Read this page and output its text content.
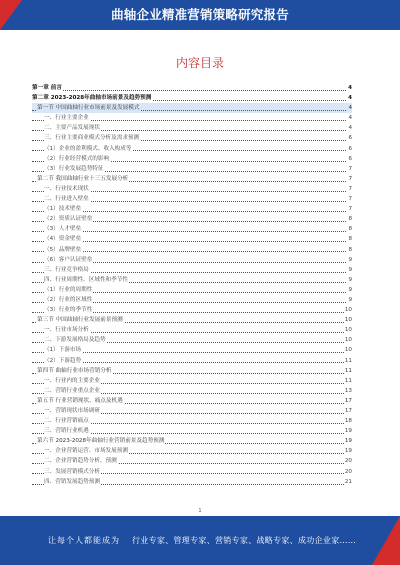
曲轴企业精准营销策略研究报告
内容目录
第一章 前言	4
第二章 2023-2028年曲轴市场前景及趋势预测	4
第一节 中国曲轴行业市场前景及发展模式	4
一、行业主要企业	4
二、主要产品发展现状	4
三、行业主要商业模式分析及需求预测	6
（1）企业的盈利模式、收入构成等	6
（2）行业经营模式的影响	6
（3）行业发展趋势特征	7
第二节 我国曲轴行业十三五发展分析	7
一、行业技术现状	7
二、行业进入壁垒	7
（1）技术壁垒	7
（2）资质认证壁垒	8
（3）人才壁垒	8
（4）资金壁垒	8
（5）品牌壁垒	8
（6）客户认证壁垒	9
三、行业竞争格局	9
四、行业周期性、区域性和季节性	9
（1）行业的周期性	9
（2）行业的区域性	9
（3）行业的季节性	10
第三节 中国曲轴行业发展前景预测	10
一、行业市场分析	10
二、下游发展格局及趋势	10
（1）下游市场	10
（2）下游趋势	11
第四节 曲轴行业市场营销分析	11
一、行业内的主要企业	11
二、营销行业重点企业	13
第五节 行业营销现状、痛点及机遇	17
一、营销现状市场调研	17
二、行业营销痛点	18
三、营销行业机遇	19
第六节 2023-2028年曲轴行业营销前景及趋势预测	19
一、企业营销运营、市场发展预测	19
二、企业营销趋势分析、预测	20
三、发展营销模式分析	20
四、营销发展趋势预测	21
1
让每个人都能成为 行业专家、管理专家、营销专家、战略专家、成功企业家……
